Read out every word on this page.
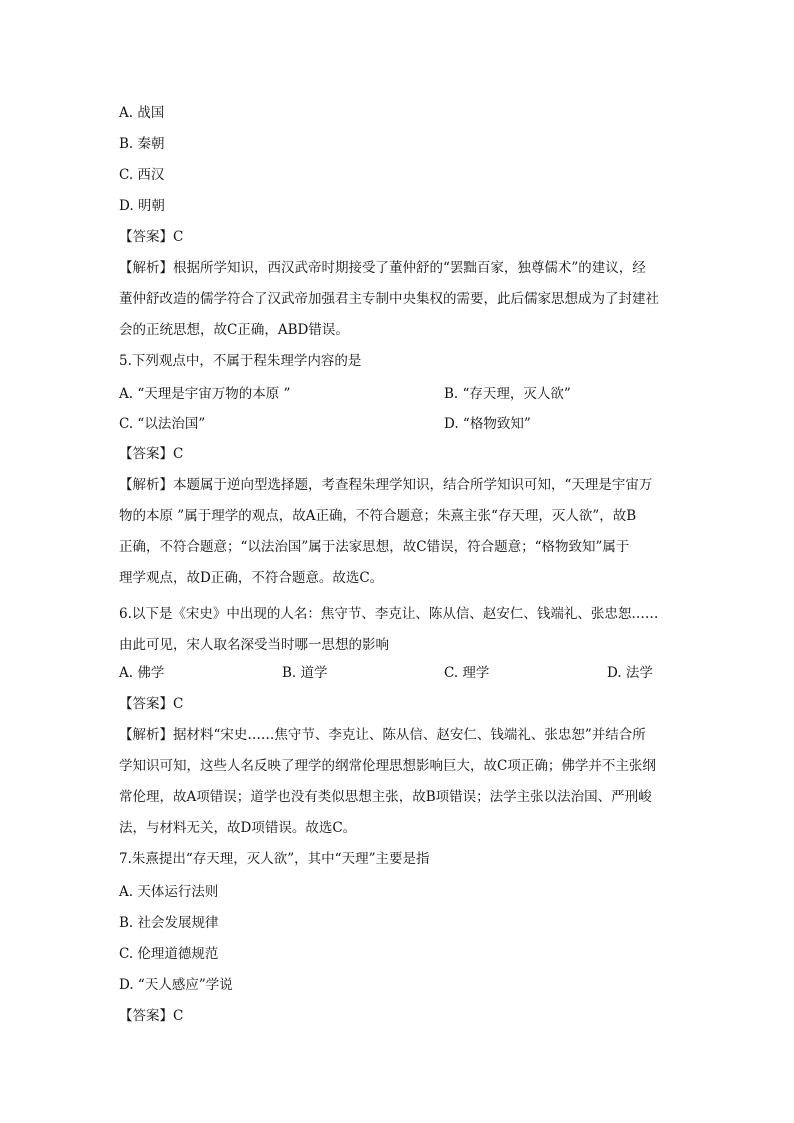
A. 战国
B. 秦朝
C. 西汉
D. 明朝
【答案】C
【解析】根据所学知识，西汉武帝时期接受了董仲舒的“罢黜百家，独尊儒术”的建议，经
董仲舒改造的儒学符合了汉武帝加强君主专制中央集权的需要，此后儒家思想成为了封建社
会的正统思想，故C正确，ABD错误。
5.下列观点中，不属于程朱理学内容的是
A. “天理是宇宙万物的本原 ”	B. “存天理，灭人欲”
C. “以法治国”	D. “格物致知”
【答案】C
【解析】本题属于逆向型选择题，考查程朱理学知识，结合所学知识可知，“天理是宇宙万
物的本原 ”属于理学的观点，故A正确，不符合题意；朱熹主张“存天理，灭人欲”，故B
正确，不符合题意；“以法治国”属于法家思想，故C错误，符合题意；“格物致知”属于
理学观点，故D正确，不符合题意。故选C。
6.以下是《宋史》中出现的人名：焦守节、李克让、陈从信、赵安仁、钱端礼、张忠恕……
由此可见，宋人取名深受当时哪一思想的影响
A. 佛学	B. 道学	C. 理学	D. 法学
【答案】C
【解析】据材料“宋史……焦守节、李克让、陈从信、赵安仁、钱端礼、张忠恕”并结合所
学知识可知，这些人名反映了理学的纲常伦理思想影响巨大，故C项正确；佛学并不主张纲
常伦理，故A项错误；道学也没有类似思想主张，故B项错误；法学主张以法治国、严刑峻
法，与材料无关，故D项错误。故选C。
7.朱熹提出“存天理，灭人欲”，其中“天理”主要是指
A. 天体运行法则
B. 社会发展规律
C. 伦理道德规范
D. “天人感应”学说
【答案】C
